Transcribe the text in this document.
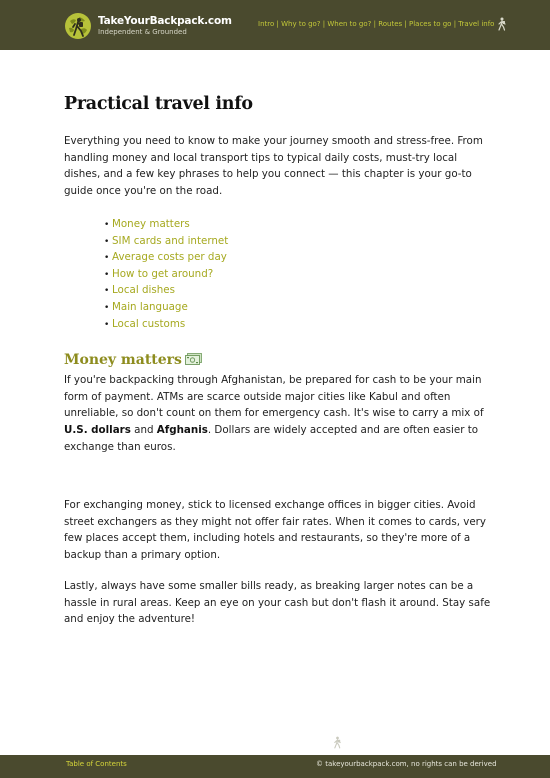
TakeYourBackpack.com
Independent & Grounded
Intro | Why to go? | When to go? | Routes | Places to go | Travel info
Practical travel info

Everything you need to know to make your journey smooth and stress-free. From handling money and local transport tips to typical daily costs, must-try local dishes, and a few key phrases to help you connect — this chapter is your go-to guide once you're on the road.

• Money matters
• SIM cards and internet
• Average costs per day
• How to get around?
• Local dishes
• Main language
• Local customs
Money matters

If you're backpacking through Afghanistan, be prepared for cash to be your main form of payment. ATMs are scarce outside major cities like Kabul and often unreliable, so don't count on them for emergency cash. It's wise to carry a mix of U.S. dollars and Afghanis. Dollars are widely accepted and are often easier to exchange than euros.

For exchanging money, stick to licensed exchange offices in bigger cities. Avoid street exchangers as they might not offer fair rates. When it comes to cards, very few places accept them, including hotels and restaurants, so they're more of a backup than a primary option.

Lastly, always have some smaller bills ready, as breaking larger notes can be a hassle in rural areas. Keep an eye on your cash but don't flash it around. Stay safe and enjoy the adventure!

Table of Contents	© takeyourbackpack.com, no rights can be derived
